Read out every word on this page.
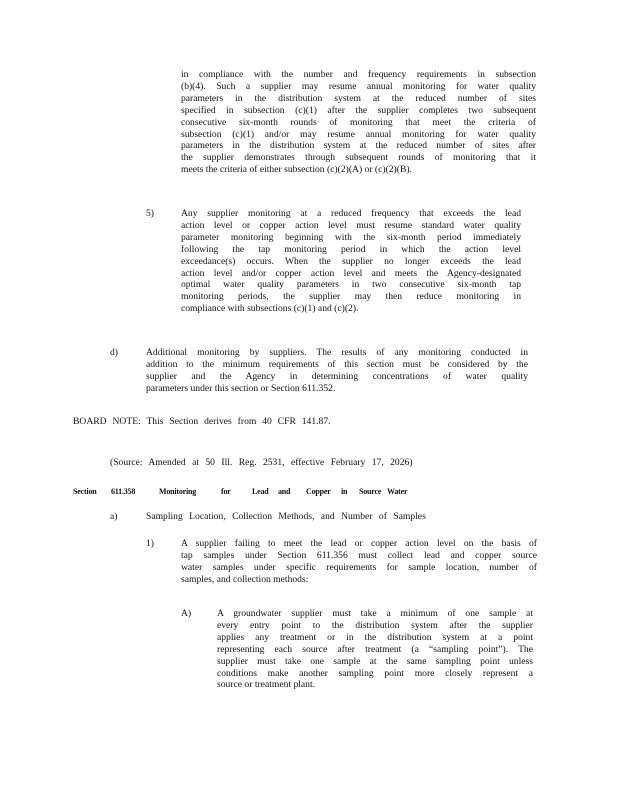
in compliance with the number and frequency requirements in subsection
(b)(4). Such a supplier may resume annual monitoring for water quality
parameters in the distribution system at the reduced number of sites
specified in subsection (c)(1) after the supplier completes two subsequent
consecutive six-month rounds of monitoring that meet the criteria of
subsection (c)(1) and/or may resume annual monitoring for water quality
parameters in the distribution system at the reduced number of sites after
the supplier demonstrates through subsequent rounds of monitoring that it
meets the criteria of either subsection (c)(2)(A) or (c)(2)(B).
5)	Any supplier monitoring at a reduced frequency that exceeds the lead
action level or copper action level must resume standard water quality
parameter monitoring beginning with the six-month period immediately
following the tap monitoring period in which the action level
exceedance(s) occurs. When the supplier no longer exceeds the lead
action level and/or copper action level and meets the Agency-designated
optimal water quality parameters in two consecutive six-month tap
monitoring periods, the supplier may then reduce monitoring in
compliance with subsections (c)(1) and (c)(2).
d)	Additional monitoring by suppliers. The results of any monitoring conducted in
addition to the minimum requirements of this section must be considered by the
supplier and the Agency in determining concentrations of water quality
parameters under this section or Section 611.352.
BOARD NOTE: This Section derives from 40 CFR 141.87.
(Source: Amended at 50 Ill. Reg. 2531, effective February 17, 2026)
Section 611.358	Monitoring	for	Lead and Copper in Source Water
a)	Sampling Location, Collection Methods, and Number of Samples
1)	A supplier failing to meet the lead or copper action level on the basis of
tap samples under Section 611.356 must collect lead and copper source
water samples under specific requirements for sample location, number of
samples, and collection methods:
A)	A groundwater supplier must take a minimum of one sample at
every entry point to the distribution system after the supplier
applies any treatment or in the distribution system at a point
representing each source after treatment (a “sampling point”). The
supplier must take one sample at the same sampling point unless
conditions make another sampling point more closely represent a
source or treatment plant.
